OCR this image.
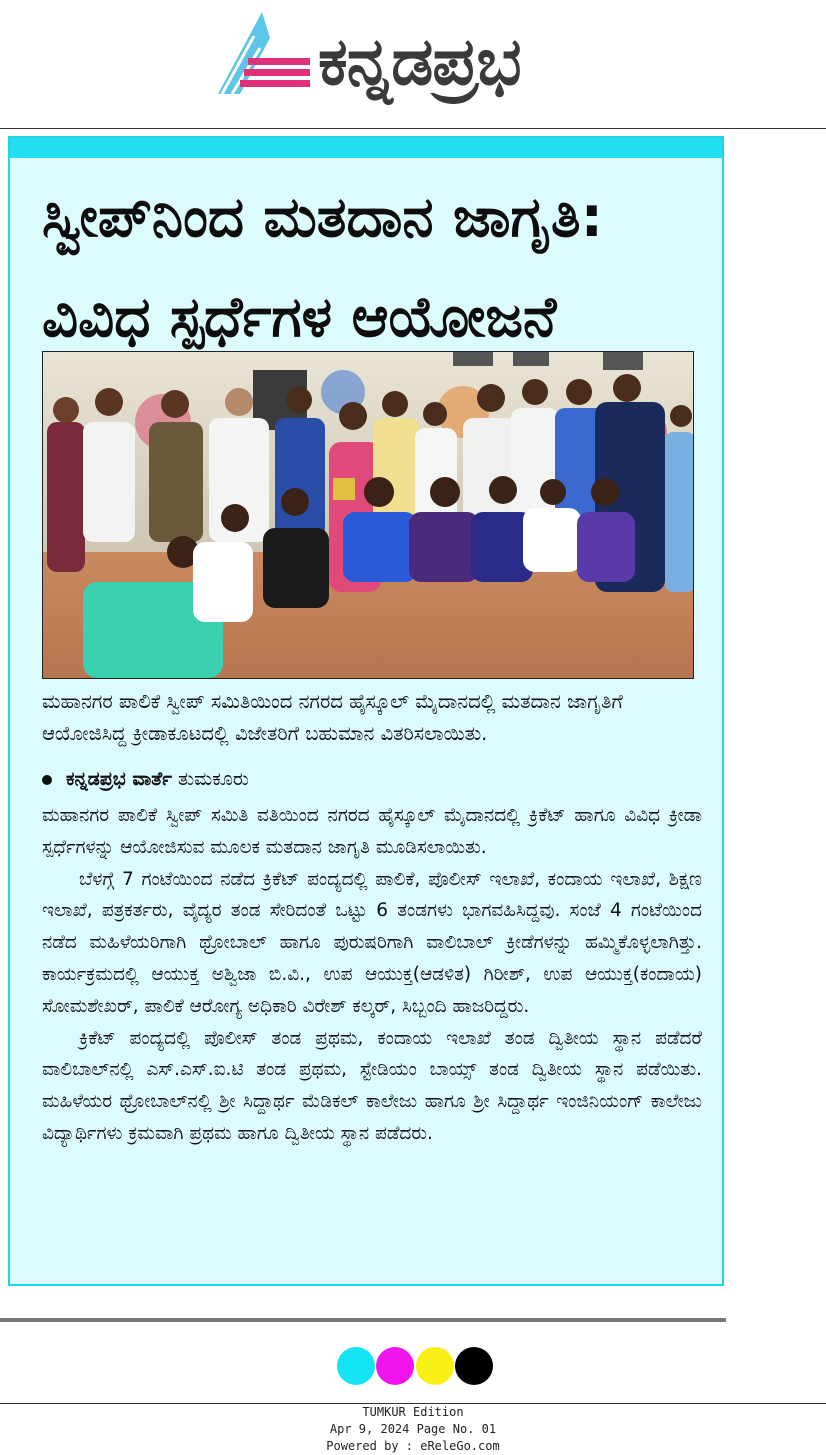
ಕನ್ನಡಪ್ರಭ
ಸ್ವೀಪ್‌ನಿಂದ ಮತದಾನ ಜಾಗೃತಿ:
ವಿವಿಧ ಸ್ಪರ್ಧೆಗಳ ಆಯೋಜನೆ
ಮಹಾನಗರ ಪಾಲಿಕೆ ಸ್ವೀಪ್ ಸಮಿತಿಯಿಂದ ನಗರದ ಹೈಸ್ಕೂಲ್ ಮೈದಾನದಲ್ಲಿ ಮತದಾನ ಜಾಗೃತಿಗೆ ಆಯೋಜಿಸಿದ್ದ ಕ್ರೀಡಾಕೂಟದಲ್ಲಿ ವಿಜೇತರಿಗೆ ಬಹುಮಾನ ವಿತರಿಸಲಾಯಿತು.
ಕನ್ನಡಪ್ರಭ ವಾರ್ತೆ ತುಮಕೂರು

ಮಹಾನಗರ ಪಾಲಿಕೆ ಸ್ವೀಪ್ ಸಮಿತಿ ವತಿಯಿಂದ ನಗರದ ಹೈಸ್ಕೂಲ್ ಮೈದಾನದಲ್ಲಿ ಕ್ರಿಕೆಟ್ ಹಾಗೂ ವಿವಿಧ ಕ್ರೀಡಾ ಸ್ಪರ್ಧೆಗಳನ್ನು ಆಯೋಜಿಸುವ ಮೂಲಕ ಮತದಾನ ಜಾಗೃತಿ ಮೂಡಿಸಲಾಯಿತು.

ಬೆಳಗ್ಗೆ 7 ಗಂಟೆಯಿಂದ ನಡೆದ ಕ್ರಿಕೆಟ್ ಪಂದ್ಯದಲ್ಲಿ ಪಾಲಿಕೆ, ಪೊಲೀಸ್ ಇಲಾಖೆ, ಕಂದಾಯ ಇಲಾಖೆ, ಶಿಕ್ಷಣ ಇಲಾಖೆ, ಪತ್ರಕರ್ತರು, ವೈದ್ಯರ ತಂಡ ಸೇರಿದಂತೆ ಒಟ್ಟು 6 ತಂಡಗಳು ಭಾಗವಹಿಸಿದ್ದವು. ಸಂಜೆ 4 ಗಂಟೆಯಿಂದ ನಡೆದ ಮಹಿಳೆಯರಿಗಾಗಿ ಥ್ರೋಬಾಲ್ ಹಾಗೂ ಪುರುಷರಿಗಾಗಿ ವಾಲಿಬಾಲ್ ಕ್ರೀಡೆಗಳನ್ನು ಹಮ್ಮಿಕೊಳ್ಳಲಾಗಿತ್ತು. ಕಾರ್ಯಕ್ರಮದಲ್ಲಿ ಆಯುಕ್ತ ಅಶ್ವಿಜಾ ಬಿ.ವಿ., ಉಪ ಆಯುಕ್ತ(ಆಡಳಿತ) ಗಿರೀಶ್, ಉಪ ಆಯುಕ್ತ(ಕಂದಾಯ) ಸೋಮಶೇಖರ್, ಪಾಲಿಕೆ ಆರೋಗ್ಯ ಅಧಿಕಾರಿ ವಿರೇಶ್ ಕಲ್ಕರ್, ಸಿಬ್ಬಂದಿ ಹಾಜರಿದ್ದರು.

ಕ್ರಿಕೆಟ್ ಪಂದ್ಯದಲ್ಲಿ ಪೊಲೀಸ್ ತಂಡ ಪ್ರಥಮ, ಕಂದಾಯ ಇಲಾಖೆ ತಂಡ ದ್ವಿತೀಯ ಸ್ಥಾನ ಪಡೆದರೆ ವಾಲಿಬಾಲ್‌ನಲ್ಲಿ ಎಸ್.ಎಸ್.ಐ.ಟಿ ತಂಡ ಪ್ರಥಮ, ಸ್ಟೇಡಿಯಂ ಬಾಯ್ಸ್ ತಂಡ ದ್ವಿತೀಯ ಸ್ಥಾನ ಪಡೆಯಿತು. ಮಹಿಳೆಯರ ಥ್ರೋಬಾಲ್‌ನಲ್ಲಿ ಶ್ರೀ ಸಿದ್ದಾರ್ಥ ಮೆಡಿಕಲ್ ಕಾಲೇಜು ಹಾಗೂ ಶ್ರೀ ಸಿದ್ದಾರ್ಥ ಇಂಜಿನಿಯಂಗ್ ಕಾಲೇಜು ವಿದ್ಯಾರ್ಥಿಗಳು ಕ್ರಮವಾಗಿ ಪ್ರಥಮ ಹಾಗೂ ದ್ವಿತೀಯ ಸ್ಥಾನ ಪಡೆದರು.

TUMKUR Edition
Apr 9, 2024 Page No. 01
Powered by : eReleGo.com
